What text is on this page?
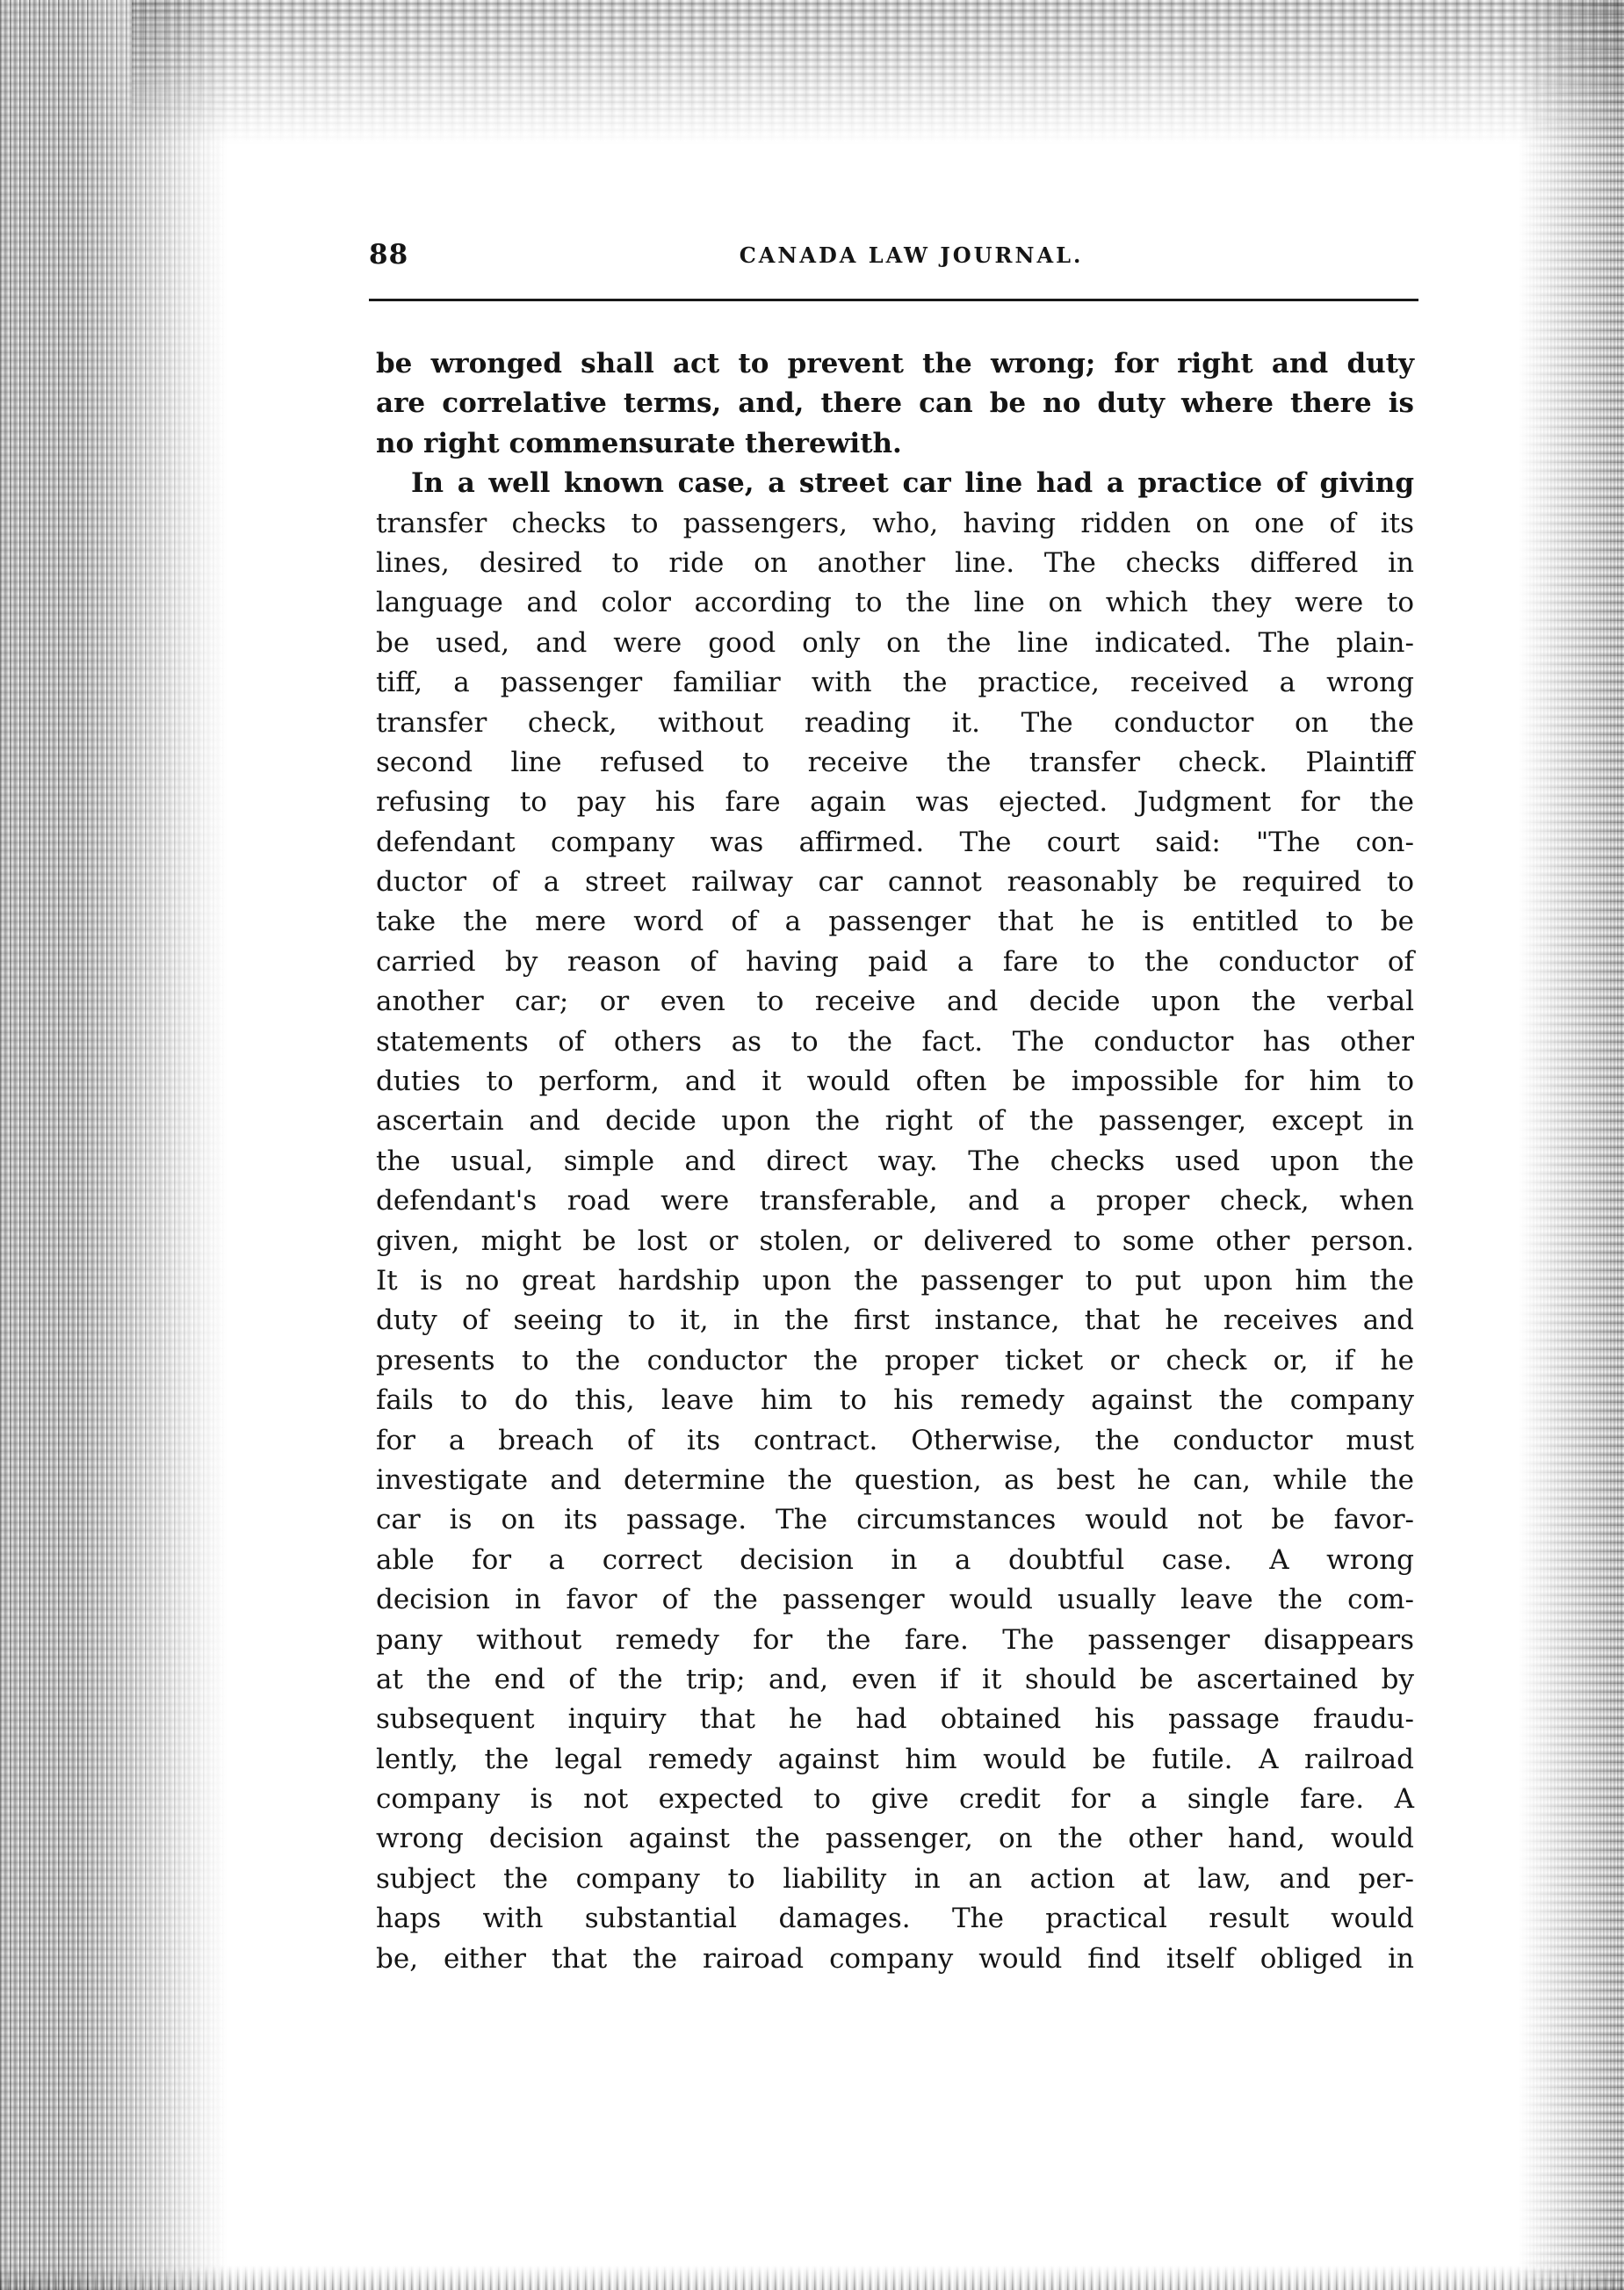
88	CANADA LAW JOURNAL.
be wronged shall act to prevent the wrong; for right and duty
are correlative terms, and, there can be no duty where there is
no right commensurate therewith.
In a well known case, a street car line had a practice of giving
transfer checks to passengers, who, having ridden on one of its
lines, desired to ride on another line. The checks differed in
language and color according to the line on which they were to
be used, and were good only on the line indicated. The plain-
tiff, a passenger familiar with the practice, received a wrong
transfer check, without reading it. The conductor on the
second line refused to receive the transfer check. Plaintiff
refusing to pay his fare again was ejected. Judgment for the
defendant company was affirmed. The court said: "The con-
ductor of a street railway car cannot reasonably be required to
take the mere word of a passenger that he is entitled to be
carried by reason of having paid a fare to the conductor of
another car; or even to receive and decide upon the verbal
statements of others as to the fact. The conductor has other
duties to perform, and it would often be impossible for him to
ascertain and decide upon the right of the passenger, except in
the usual, simple and direct way. The checks used upon the
defendant's road were transferable, and a proper check, when
given, might be lost or stolen, or delivered to some other person.
It is no great hardship upon the passenger to put upon him the
duty of seeing to it, in the first instance, that he receives and
presents to the conductor the proper ticket or check or, if he
fails to do this, leave him to his remedy against the company
for a breach of its contract. Otherwise, the conductor must
investigate and determine the question, as best he can, while the
car is on its passage. The circumstances would not be favor-
able for a correct decision in a doubtful case. A wrong
decision in favor of the passenger would usually leave the com-
pany without remedy for the fare. The passenger disappears
at the end of the trip; and, even if it should be ascertained by
subsequent inquiry that he had obtained his passage fraudu-
lently, the legal remedy against him would be futile. A railroad
company is not expected to give credit for a single fare. A
wrong decision against the passenger, on the other hand, would
subject the company to liability in an action at law, and per-
haps with substantial damages. The practical result would
be, either that the rairoad company would find itself obliged in
